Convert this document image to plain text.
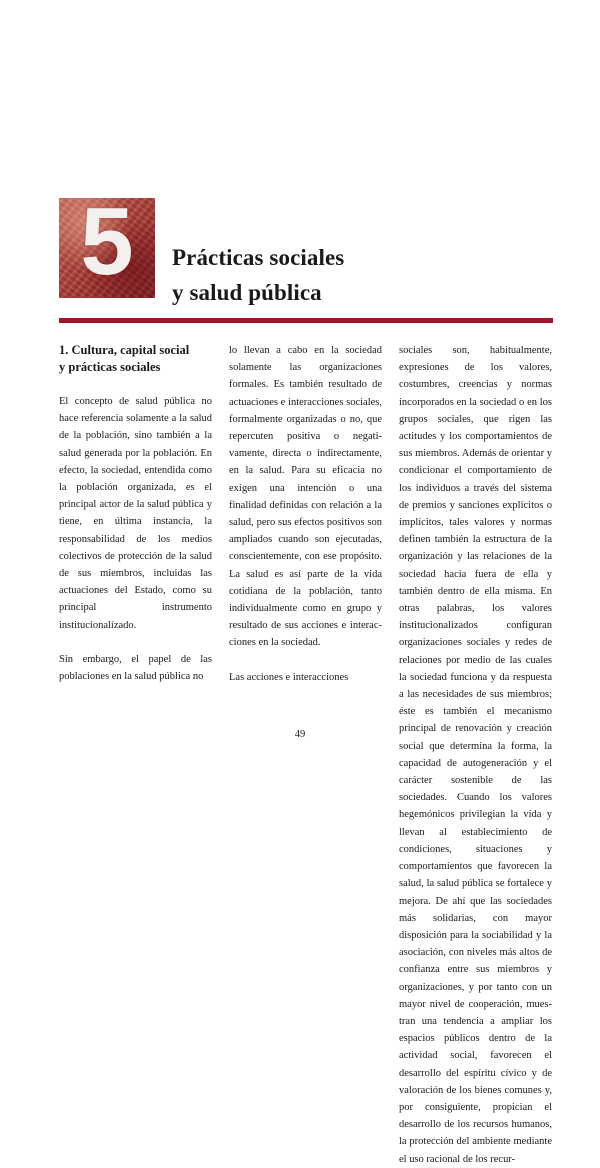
5	Prácticas sociales
y salud pública
1. Cultura, capital social
y prácticas sociales

El concepto de salud pública no hace referencia solamente a la salud de la población, sino también a la salud generada por la población. En efecto, la sociedad, entendida como la población organizada, es el principal actor de la salud pública y tiene, en última instancia, la responsabilidad de los medios colectivos de protección de la salud de sus miembros, incluidas las actuaciones del Estado, como su principal instrumento institucionalizado.

Sin embargo, el papel de las poblaciones en la salud pública no

lo llevan a cabo en la sociedad solamente las organizaciones formales. Es también resultado de actuaciones e interacciones sociales, formalmente organizadas o no, que repercuten positiva o negativamente, directa o indirectamente, en la salud. Para su eficacia no exigen una intención o una finalidad definidas con relación a la salud, pero sus efectos positivos son ampliados cuando son ejecutadas, conscientemente, con ese propósito. La salud es así parte de la vida cotidiana de la población, tanto individualmente como en grupo y resultado de sus acciones e interacciones en la sociedad.

Las acciones e interacciones

sociales son, habitualmente, expresiones de los valores, costumbres, creencias y normas incorporados en la sociedad o en los grupos sociales, que rigen las actitudes y los comportamientos de sus miembros. Además de orientar y condicionar el comportamiento de los individuos a través del sistema de premios y sanciones explícitos o implícitos, tales valores y normas definen también la estructura de la organización y las relaciones de la sociedad hacia fuera de ella y también dentro de ella misma. En otras palabras, los valores institucionalizados configuran organizaciones sociales y redes de relaciones por medio de las cuales la sociedad funciona y da respuesta a las necesidades de sus miembros; éste es también el mecanismo principal de renovación y creación social que determina la forma, la capacidad de autogeneración y el carácter sostenible de las sociedades. Cuando los valores hegemónicos privilegian la vida y llevan al establecimiento de condiciones, situaciones y comportamientos que favorecen la salud, la salud pública se fortalece y mejora. De ahí que las sociedades más solidarias, con mayor disposición para la sociabilidad y la asociación, con niveles más altos de confianza entre sus miembros y organizaciones, y por tanto con un mayor nivel de cooperación, muestran una tendencia a ampliar los espacios públicos dentro de la actividad social, favorecen el desarrollo del espíritu cívico y de valoración de los bienes comunes y, por consiguiente, propician el desarrollo de los recursos humanos, la protección del ambiente mediante el uso racional de los recur-

49
